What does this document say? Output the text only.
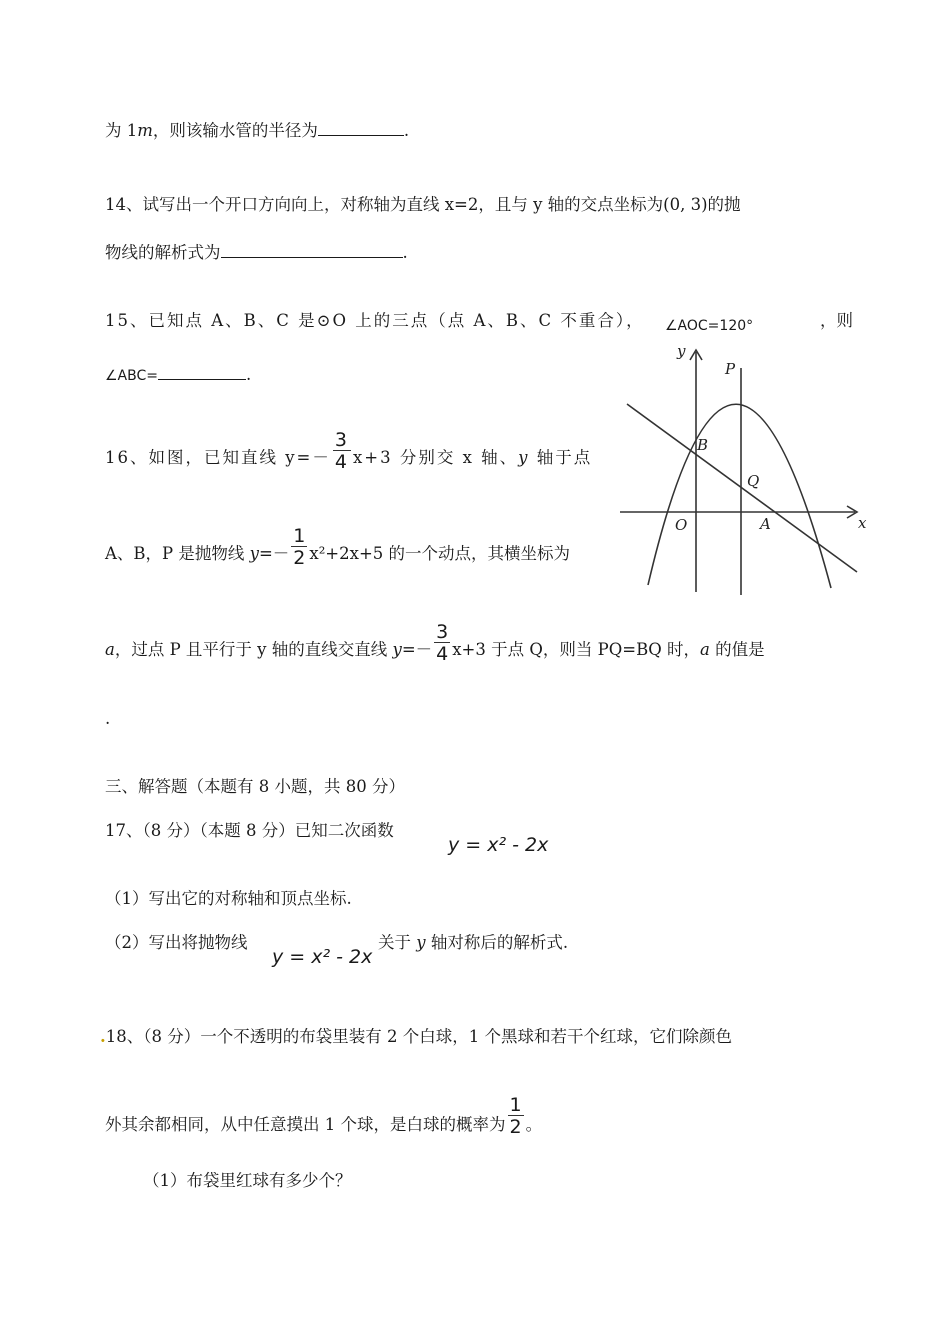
为 1m，则该输水管的半径为	.
14、试写出一个开口方向向上，对称轴为直线 x=2，且与 y 轴的交点坐标为(0, 3)的抛
物线的解析式为	.
15、已知点 A、B、C 是⊙O 上的三点（点 A、B、C 不重合）， ∠AOC=120°	，则
∠ABC=	.
16、如图，已知直线 $y=- \frac{3}{4} x+3$ 分别交 x 轴、y 轴于点
A、B，P 是抛物线 $y=- \frac{1}{2} x^2+2x+5$ 的一个动点，其横坐标为
a，过点 P 且平行于 y 轴的直线交直线 $y=- \frac{3}{4} x+3$ 于点 Q，则当 PQ=BQ 时，a 的值是
.
y
x
P
B
Q
O	A
三、解答题（本题有 8 小题，共 80 分）
17、（8 分）（本题 8 分）已知二次函数
y = x² - 2x
（1）写出它的对称轴和顶点坐标.
（2）写出将抛物线
y = x² - 2x
关于 y 轴对称后的解析式.
.18、（8 分）一个不透明的布袋里装有 2 个白球，1 个黑球和若干个红球，它们除颜色
外其余都相同，从中任意摸出 1 个球，是白球的概率为 $\frac{1}{2}$ 。
（1）布袋里红球有多少个？
